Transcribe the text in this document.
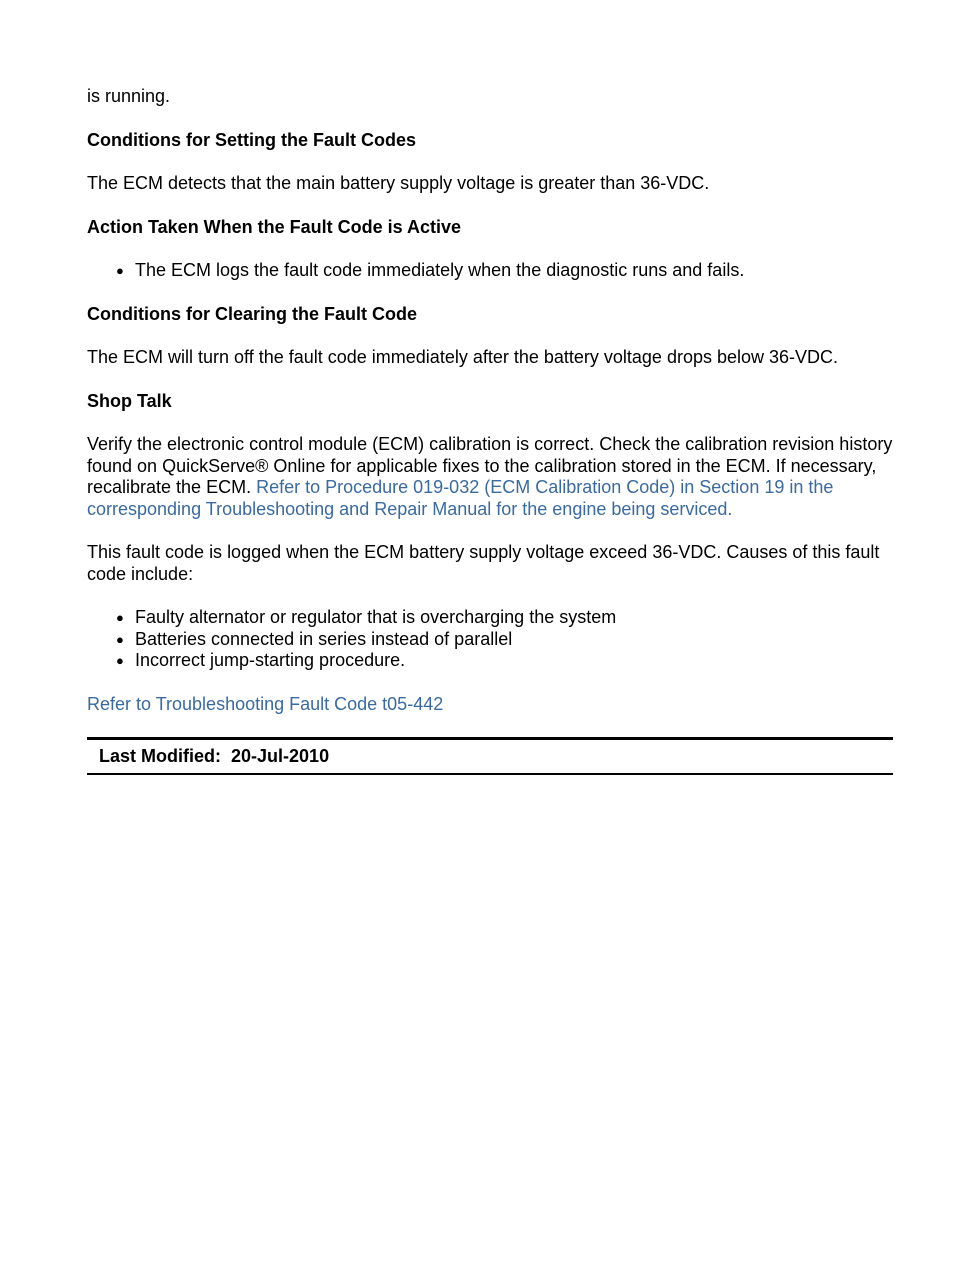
is running.

Conditions for Setting the Fault Codes

The ECM detects that the main battery supply voltage is greater than 36-VDC.

Action Taken When the Fault Code is Active
● The ECM logs the fault code immediately when the diagnostic runs and fails.
Conditions for Clearing the Fault Code

The ECM will turn off the fault code immediately after the battery voltage drops below 36-VDC.

Shop Talk

Verify the electronic control module (ECM) calibration is correct. Check the calibration revision history found on QuickServe® Online for applicable fixes to the calibration stored in the ECM. If necessary, recalibrate the ECM. Refer to Procedure 019-032 (ECM Calibration Code) in Section 19 in the corresponding Troubleshooting and Repair Manual for the engine being serviced.

This fault code is logged when the ECM battery supply voltage exceed 36-VDC. Causes of this fault code include:

● Faulty alternator or regulator that is overcharging the system
● Batteries connected in series instead of parallel
● Incorrect jump-starting procedure.

Refer to Troubleshooting Fault Code t05-442

Last Modified: 20-Jul-2010
